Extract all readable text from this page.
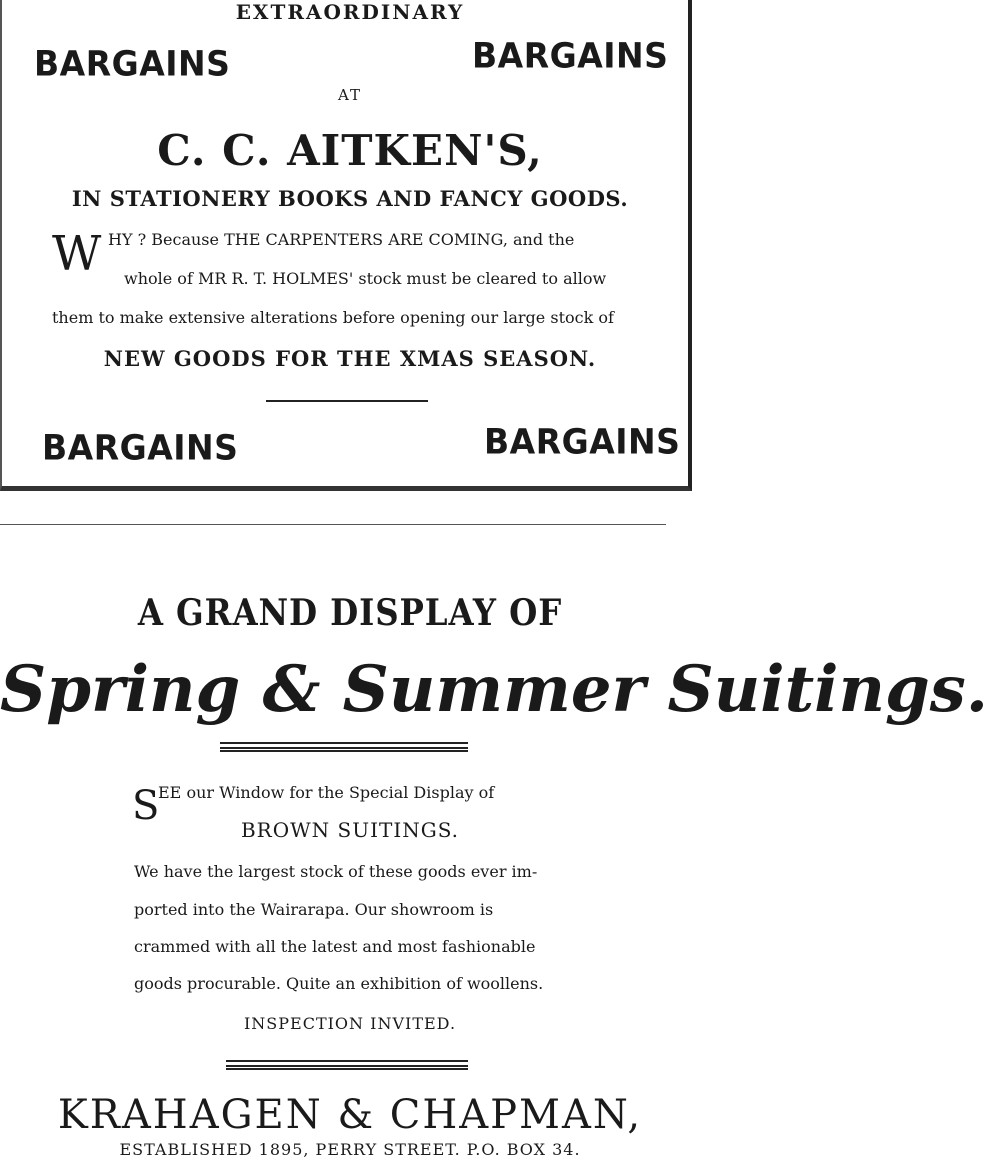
EXTRAORDINARY
BARGAINS	BARGAINS
AT
C. C. AITKEN'S,
IN STATIONERY BOOKS AND FANCY GOODS.
W HY ? Because THE CARPENTERS ARE COMING, and the
whole of MR R. T. HOLMES' stock must be cleared to allow
them to make extensive alterations before opening our large stock of
NEW GOODS FOR THE XMAS SEASON.
BARGAINS	BARGAINS
A GRAND DISPLAY OF
Spring & Summer Suitings.
S
EE our Window for the Special Display of
BROWN SUITINGS.
We have the largest stock of these goods ever im-
ported into the Wairarapa. Our showroom is
crammed with all the latest and most fashionable
goods procurable. Quite an exhibition of woollens.
INSPECTION INVITED.
KRAHAGEN & CHAPMAN,
ESTABLISHED 1895, PERRY STREET. P.O. BOX 34.
